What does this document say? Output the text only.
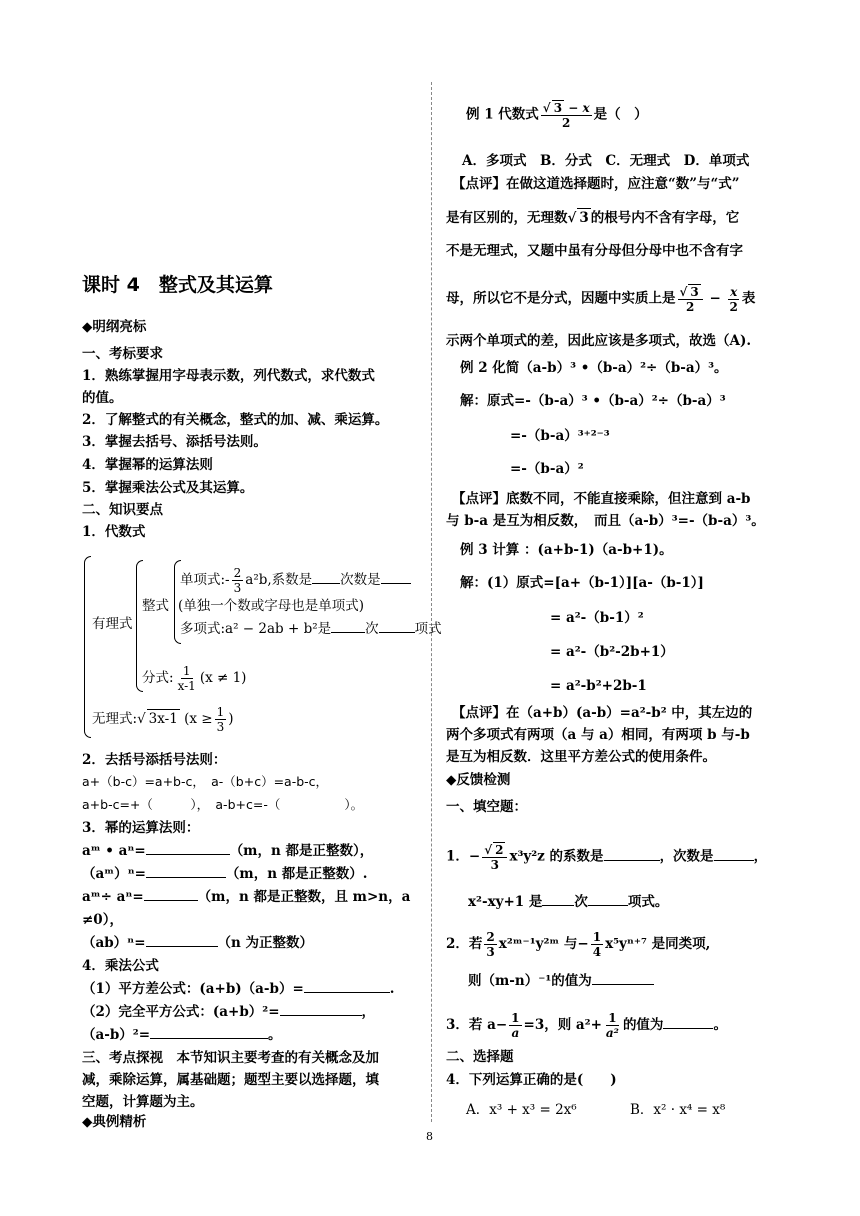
课时 4　整式及其运算
◆明纲亮标
一、考标要求
1．熟练掌握用字母表示数，列代数式，求代数式
的值。
2．了解整式的有关概念，整式的加、减、乘运算。
3．掌握去括号、添括号法则。
4．掌握幂的运算法则
5．掌握乘法公式及其运算。
二、知识要点
1．代数式
有理式
整式
单项式:- $\frac{2}{3} a^2b$,系数是 次数是
(单独一个数或字母也是单项式)
多项式:a² − 2ab + b²是	次	项式
分式: $\frac{1}{x-1} (x \ne 1)$
无理式:√ 3x-1 ($x \ge \frac{1}{3}$ )
2．去括号添括号法则：
a+（b-c）=a+b-c，　a-（b+c）=a-b-c，
a+b-c=+（　　　），　a-b+c=-（	）。
3．幂的运算法则：
aᵐ • aⁿ=	（m，n 都是正整数），
（aᵐ）ⁿ=	（m，n 都是正整数）.
aᵐ÷ aⁿ=	（m，n 都是正整数，且 m>n，a
≠0），
（ab）ⁿ=	（n 为正整数）
4．乘法公式
（1）平方差公式：(a+b)（a-b）=	.
（2）完全平方公式：(a+b）²=	，
（a-b）²=	。
三、考点探视　本节知识主要考查的有关概念及加
减，乘除运算，属基础题；题型主要以选择题，填
空题，计算题为主。
◆典例精析
例 1 代数式 $\frac{√ 3 - x}{2}$ 是（　）
A．多项式　B．分式　C．无理式　D．单项式
【点评】在做这道选择题时，应注意“数”与“式”
是有区别的，无理数√ 3 的根号内不含有字母，它
不是无理式，又题中虽有分母但分母中也不含有字
母，所以它不是分式，因题中实质上是 $\frac{√ 3}{2} - \frac{x}{2}$ 表
示两个单项式的差，因此应该是多项式，故选（A).
例 2 化简（a-b）³ •（b-a）²÷（b-a）³。
解：原式=-（b-a）³ •（b-a）²÷（b-a）³
=-（b-a）³⁺²⁻³
=-（b-a）²
【点评】底数不同，不能直接乘除，但注意到 a-b
与 b-a 是互为相反数，　而且（a-b）³=-（b-a）³。
例 3 计算 ：(a+b-1)（a-b+1)。
解：(1）原式=[a+（b-1）][a-（b-1）]
= a²-（b-1）²
= a²-（b²-2b+1）
= a²-b²+2b-1
【点评】在（a+b）(a-b）=a²-b² 中，其左边的
两个多项式有两项（a 与 a）相同，有两项 b 与-b
是互为相反数．这里平方差公式的使用条件。
◆反馈检测
一、填空题：
1．− $\frac{√ 2}{3} x^3y^2z$ 的系数是	，次数是	，
x²-xy+1 是 次	项式。
2．若 $\frac{2}{3}$ x²ᵐ⁻¹y²ᵐ 与− $\frac{1}{4} x^5y^{n+7}$ 是同类项,
则（m-n）⁻¹的值为
3．若 $a- \frac{1}{a} =3$，则 $a^2+ \frac{1}{\text{a²}}$ 的值为	。
二、选择题
4．下列运算正确的是(　　)
A．x³ + x³ = 2x⁶	B．x² · x⁴ = x⁸
8
